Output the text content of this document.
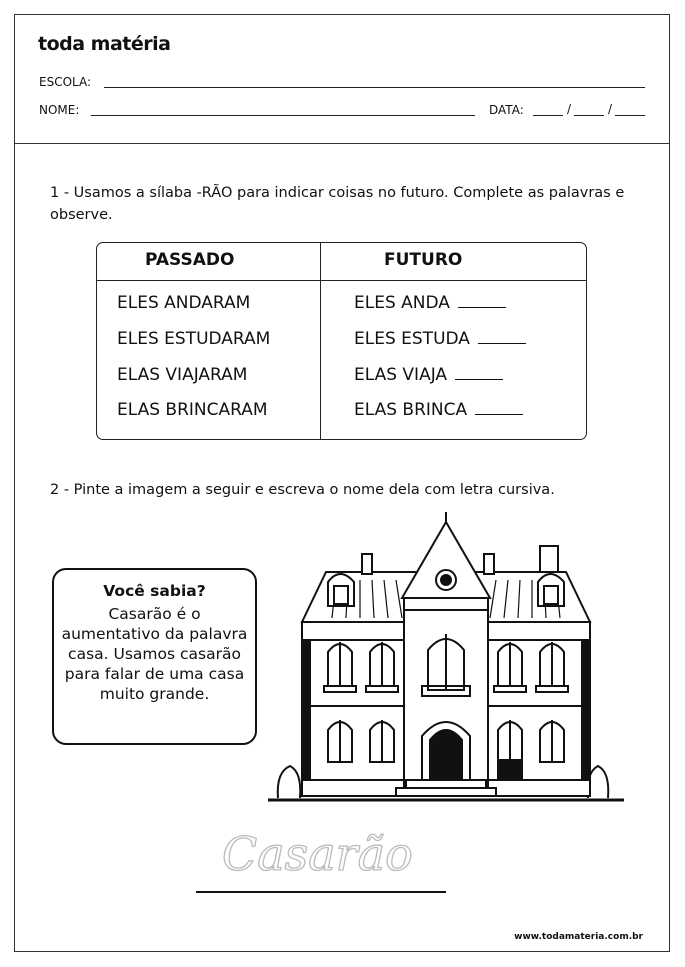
toda matéria
ESCOLA:
NOME:	DATA:	/	/
1 - Usamos a sílaba -RÃO para indicar coisas no futuro. Complete as palavras e observe.
PASSADO	FUTURO
ELES ANDARAM	ELES ANDA
ELES ESTUDARAM	ELES ESTUDA
ELAS VIAJARAM	ELAS VIAJA
ELAS BRINCARAM	ELAS BRINCA
2 - Pinte a imagem a seguir e escreva o nome dela com letra cursiva.
Você sabia?
Casarão é o aumentativo da palavra casa. Usamos casarão para falar de uma casa muito grande.
Casarão
www.todamateria.com.br
